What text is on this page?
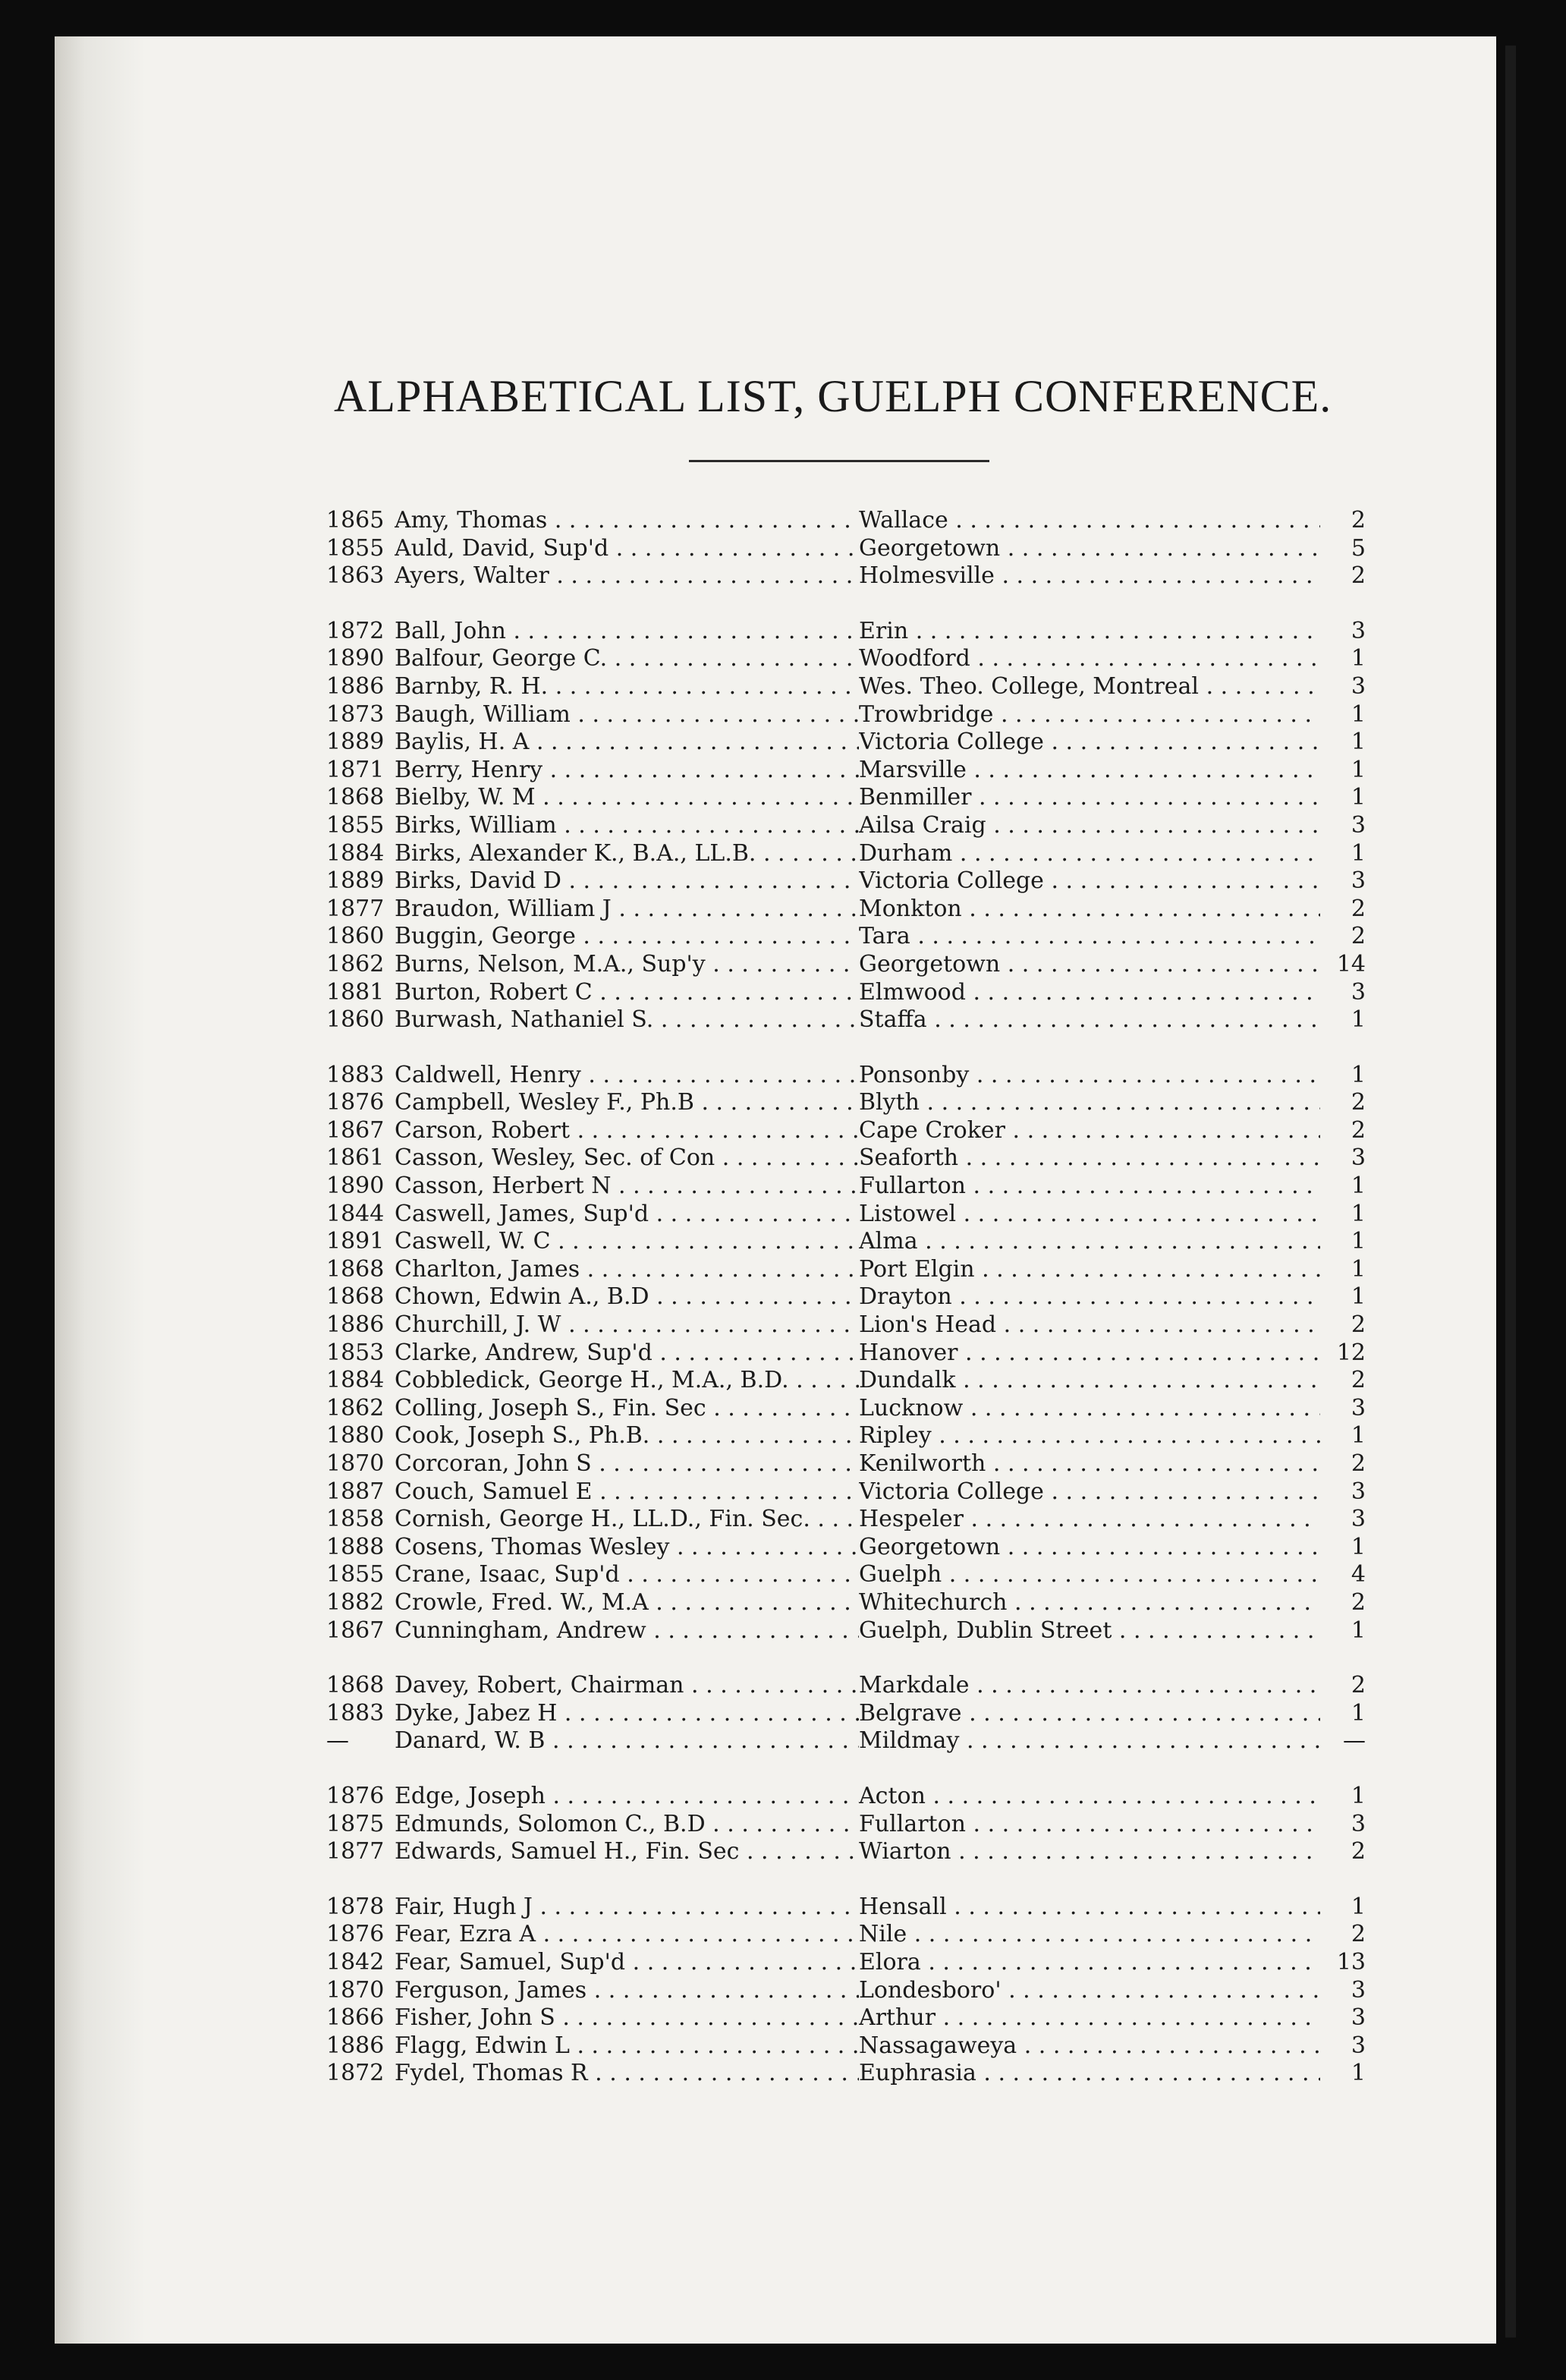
ALPHABETICAL LIST, GUELPH CONFERENCE.
1865 Amy, Thomas . . .	Wallace . . .	2
1855 Auld, David, Sup'd . . .	Georgetown . . .	5
1863 Ayers, Walter . . .	Holmesville . . .	2
1872 Ball, John . . .	Erin . . .	3
1890 Balfour, George C. . . .	Woodford . . .	1
1886 Barnby, R. H. . . .	Wes. Theo. College, Montreal . . .	3
1873 Baugh, William . . .	Trowbridge . . .	1
1889 Baylis, H. A . . .	Victoria College . . .	1
1871 Berry, Henry . . .	Marsville . . .	1
1868 Bielby, W. M . . .	Benmiller . . .	1
1855 Birks, William . . .	Ailsa Craig . . .	3
1884 Birks, Alexander K., B.A., LL.B. . . .	Durham . . .	1
1889 Birks, David D . . .	Victoria College . . .	3
1877 Braudon, William J . . .	Monkton . . .	2
1860 Buggin, George . . .	Tara . . .	2
1862 Burns, Nelson, M.A., Sup'y . . .	Georgetown . . .	14
1881 Burton, Robert C . . .	Elmwood . . .	3
1860 Burwash, Nathaniel S. . . .	Staffa . . .	1
1883 Caldwell, Henry . . .	Ponsonby . . .	1
1876 Campbell, Wesley F., Ph.B . . .	Blyth . . .	2
1867 Carson, Robert . . .	Cape Croker . . .	2
1861 Casson, Wesley, Sec. of Con . . .	Seaforth . . .	3
1890 Casson, Herbert N . . .	Fullarton . . .	1
1844 Caswell, James, Sup'd . . .	Listowel . . .	1
1891 Caswell, W. C . . .	Alma . . .	1
1868 Charlton, James . . .	Port Elgin . . .	1
1868 Chown, Edwin A., B.D . . .	Drayton . . .	1
1886 Churchill, J. W . . .	Lion's Head . . .	2
1853 Clarke, Andrew, Sup'd . . .	Hanover . . .	12
1884 Cobbledick, George H., M.A., B.D. . . .	Dundalk . . .	2
1862 Colling, Joseph S., Fin. Sec . . .	Lucknow . . .	3
1880 Cook, Joseph S., Ph.B. . . .	Ripley . . .	1
1870 Corcoran, John S . . .	Kenilworth . . .	2
1887 Couch, Samuel E . . .	Victoria College . . .	3
1858 Cornish, George H., LL.D., Fin. Sec. . . .	Hespeler . . .	3
1888 Cosens, Thomas Wesley . . .	Georgetown . . .	1
1855 Crane, Isaac, Sup'd . . .	Guelph . . .	4
1882 Crowle, Fred. W., M.A . . .	Whitechurch . . .	2
1867 Cunningham, Andrew . . .	Guelph, Dublin Street . . .	1
1868 Davey, Robert, Chairman . . .	Markdale . . .	2
1883 Dyke, Jabez H . . .	Belgrave . . .	1
—	Danard, W. B . . .	Mildmay . . .	—
1876 Edge, Joseph . . .	Acton . . .	1
1875 Edmunds, Solomon C., B.D . . .	Fullarton . . .	3
1877 Edwards, Samuel H., Fin. Sec . . .	Wiarton . . .	2
1878 Fair, Hugh J . . .	Hensall . . .	1
1876 Fear, Ezra A . . .	Nile . . .	2
1842 Fear, Samuel, Sup'd . . .	Elora . . .	13
1870 Ferguson, James . . .	Londesboro' . . .	3
1866 Fisher, John S . . .	Arthur . . .	3
1886 Flagg, Edwin L . . .	Nassagaweya . . .	3
1872 Fydel, Thomas R . . .	Euphrasia . . .	1
